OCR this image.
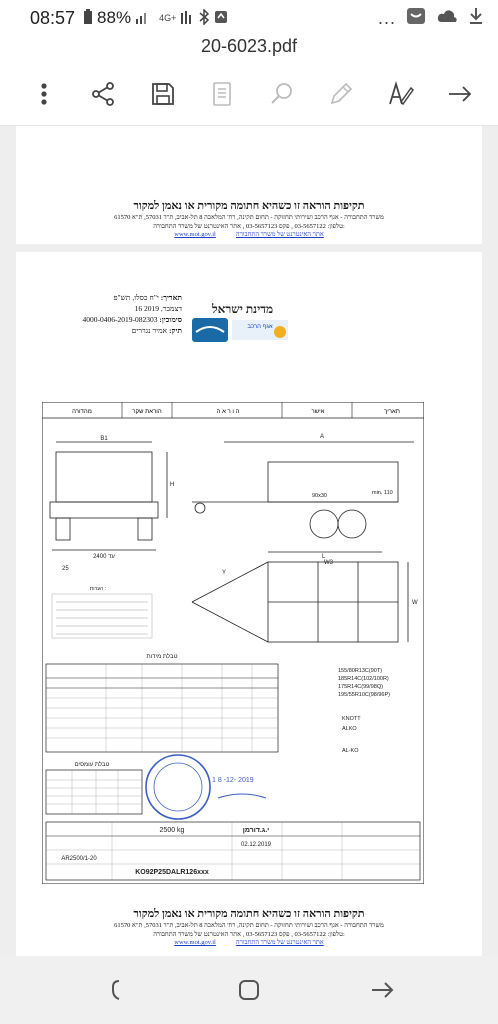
08:57 88%	4G+	...
20-6023.pdf
תקיפות הוראה זו כשהיא חתומה מקורית או נאמן למקור
משרד התחבורה - אגף הרכב ושירותי תחזוקה - תחום תקינה, רח' המלאכה 8 תל-אביב, ת"ד 57031, ת"א 61570
טלפון: 03-5657122 , פקס 03-5657123 , אתר האינטרנט של משרד התחבורה:
www.mot.gov.il	אתר האינטרנט של משרד התחבורה
מדינת ישראל
אגף הרכב
תאריך: י"ח כסלו, תש"פ
16 דצמבר, 2019
סימוכין: 4000-0406-2019-082303
תיק: אמיר נגררים
תאריך
אישר
ה ו ר א ה
הוראת שקר
מהדורה
B1
H
2400 עד
25
A
90x30	min. 110
W3
L
W
Y
הערות :
טבלת מידות
155/80R13C(90T)
185R14C(102/100R)
175R14C(99/98Q)
195/55R10C(98/96P)
KNOTT
ALKO
AL-KO
טבלת עומסים
1 8 -12- 2019
2500 kg	י.ג.דורמן
AR2500/1-20
KO92P25DALR126xxx
02.12.2019
תקיפות הוראה זו כשהיא חתומה מקורית או נאמן למקור
משרד התחבורה - אגף הרכב ושירותי תחזוקה - תחום תקינה, רח' המלאכה 8 תל-אביב, ת"ד 57031, ת"א 61570
טלפון: 03-5657122 , פקס 03-5657123 , אתר האינטרנט של משרד התחבורה:
www.mot.gov.il	אתר האינטרנט של משרד התחבורה
